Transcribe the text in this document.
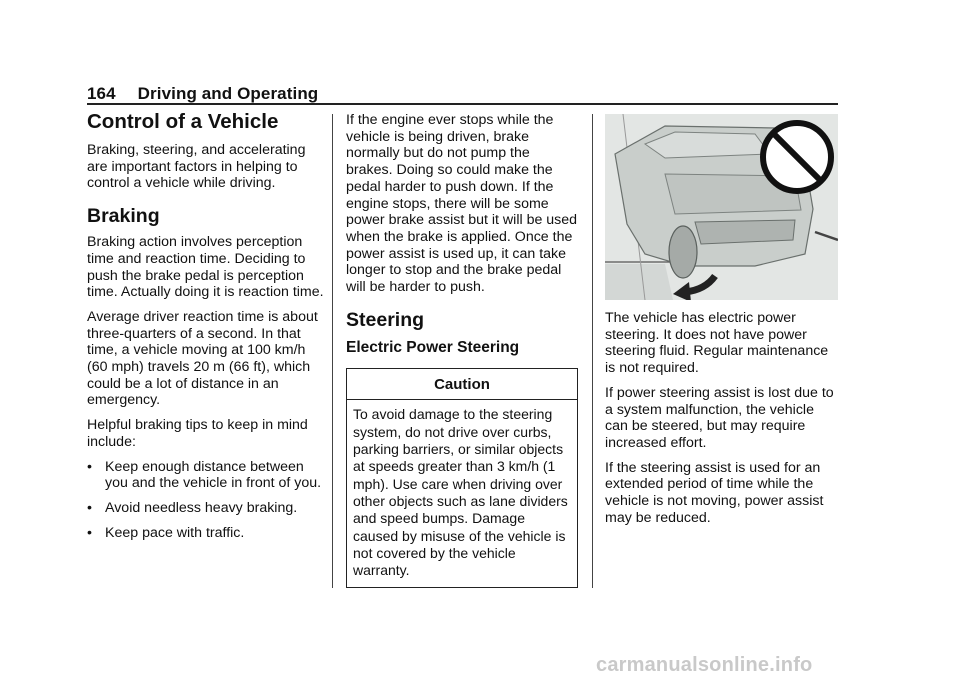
164 Driving and Operating
Control of a Vehicle

Braking, steering, and accelerating are important factors in helping to control a vehicle while driving.

Braking

Braking action involves perception time and reaction time. Deciding to push the brake pedal is perception time. Actually doing it is reaction time.

Average driver reaction time is about three-quarters of a second. In that time, a vehicle moving at 100 km/h (60 mph) travels 20 m (66 ft), which could be a lot of distance in an emergency.

Helpful braking tips to keep in mind include:

• Keep enough distance between you and the vehicle in front of you.
• Avoid needless heavy braking.
• Keep pace with traffic.

If the engine ever stops while the vehicle is being driven, brake normally but do not pump the brakes. Doing so could make the pedal harder to push down. If the engine stops, there will be some power brake assist but it will be used when the brake is applied. Once the power assist is used up, it can take longer to stop and the brake pedal will be harder to push.

Steering
Electric Power Steering
Caution
To avoid damage to the steering system, do not drive over curbs, parking barriers, or similar objects at speeds greater than 3 km/h (1 mph). Use care when driving over other objects such as lane dividers and speed bumps. Damage caused by misuse of the vehicle is not covered by the vehicle warranty.

The vehicle has electric power steering. It does not have power steering fluid. Regular maintenance is not required.

If power steering assist is lost due to a system malfunction, the vehicle can be steered, but may require increased effort.

If the steering assist is used for an extended period of time while the vehicle is not moving, power assist may be reduced.

carmanualsonline.info
